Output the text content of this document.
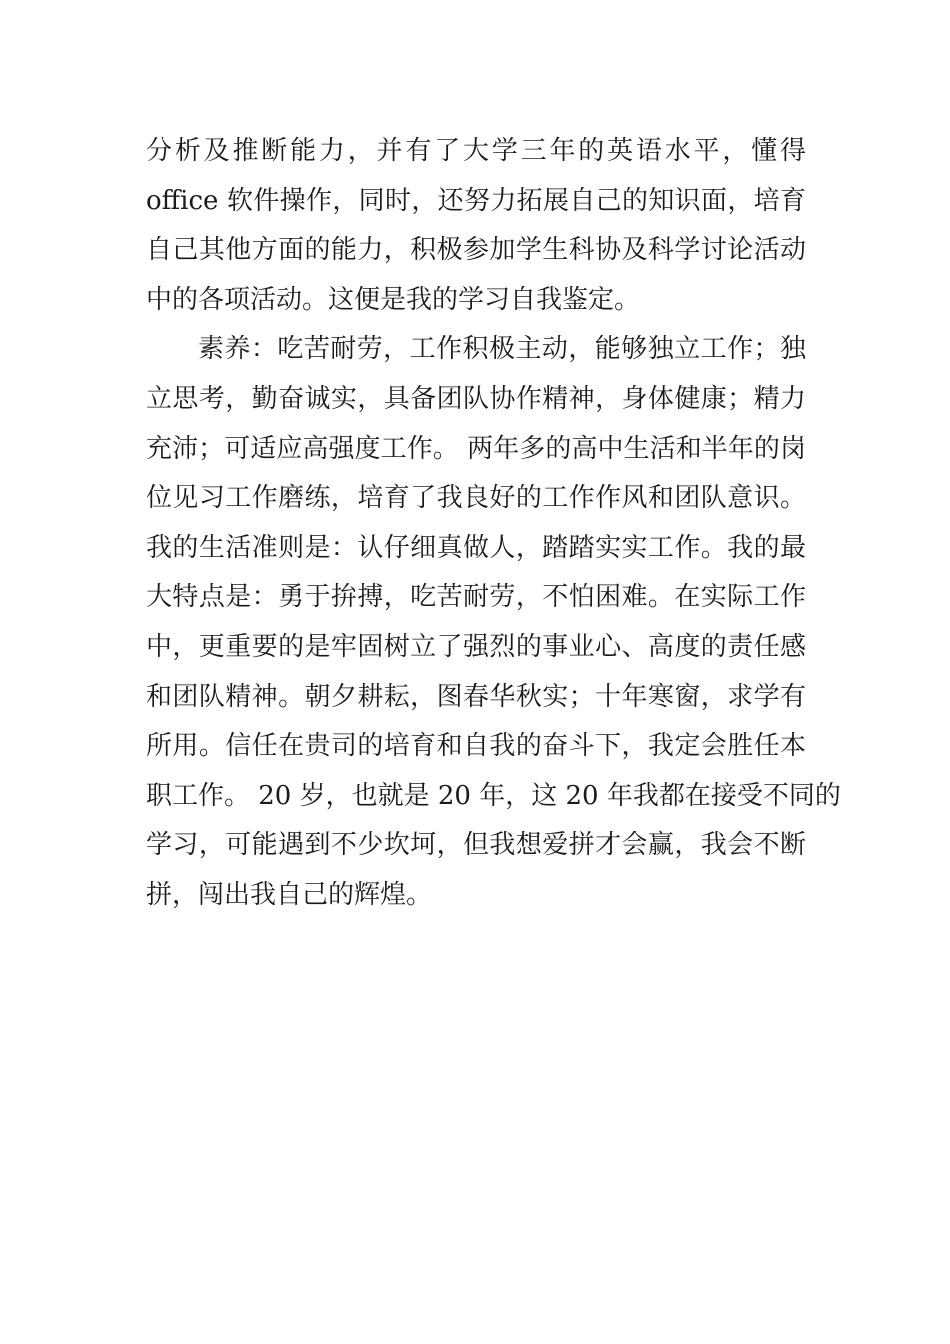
分析及推断能力，并有了大学三年的英语水平，懂得
office 软件操作，同时，还努力拓展自己的知识面，培育
自己其他方面的能力，积极参加学生科协及科学讨论活动
中的各项活动。这便是我的学习自我鉴定。
素养：吃苦耐劳，工作积极主动，能够独立工作；独
立思考，勤奋诚实，具备团队协作精神，身体健康；精力
充沛；可适应高强度工作。 两年多的高中生活和半年的岗
位见习工作磨练，培育了我良好的工作作风和团队意识。
我的生活准则是：认仔细真做人，踏踏实实工作。我的最
大特点是：勇于拚搏，吃苦耐劳，不怕困难。在实际工作
中，更重要的是牢固树立了强烈的事业心、高度的责任感
和团队精神。朝夕耕耘，图春华秋实；十年寒窗，求学有
所用。信任在贵司的培育和自我的奋斗下，我定会胜任本
职工作。 20 岁，也就是 20 年，这 20 年我都在接受不同的
学习，可能遇到不少坎坷，但我想爱拼才会赢，我会不断
拼，闯出我自己的辉煌。
